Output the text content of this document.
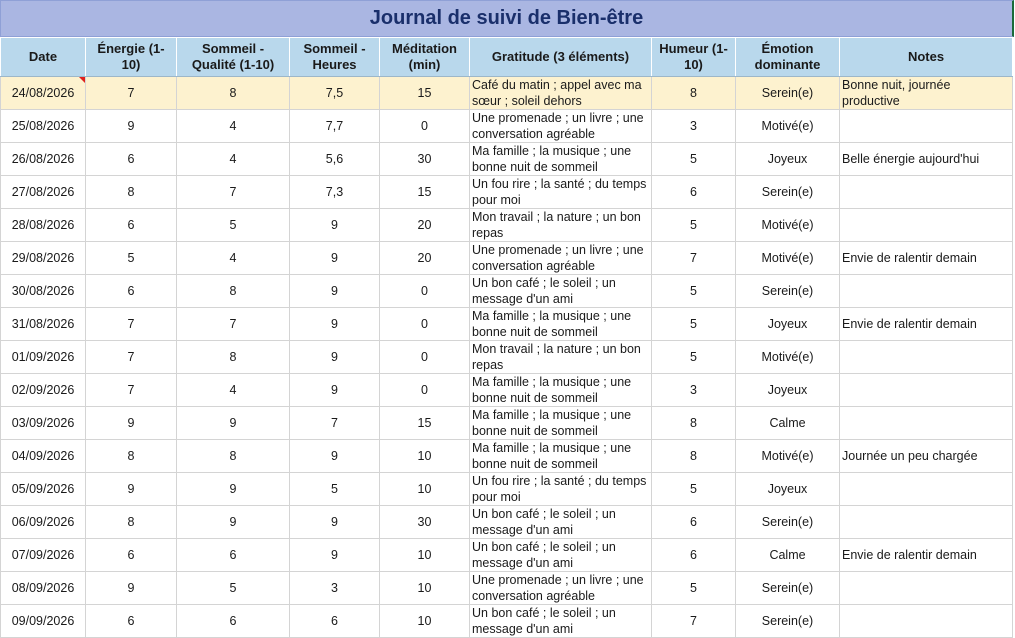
Journal de suivi de Bien-être
Date	Énergie (1-10)	Sommeil - Qualité (1-10)	Sommeil - Heures	Méditation (min)	Gratitude (3 éléments)	Humeur (1-10)	Émotion dominante	Notes
24/08/2026	7	8	7,5	15	Café du matin ; appel avec ma sœur ; soleil dehors	8	Serein(e)	Bonne nuit, journée productive
25/08/2026	9	4	7,7	0	Une promenade ; un livre ; une conversation agréable	3	Motivé(e)	
26/08/2026	6	4	5,6	30	Ma famille ; la musique ; une bonne nuit de sommeil	5	Joyeux	Belle énergie aujourd'hui
27/08/2026	8	7	7,3	15	Un fou rire ; la santé ; du temps pour moi	6	Serein(e)	
28/08/2026	6	5	9	20	Mon travail ; la nature ; un bon repas	5	Motivé(e)	
29/08/2026	5	4	9	20	Une promenade ; un livre ; une conversation agréable	7	Motivé(e)	Envie de ralentir demain
30/08/2026	6	8	9	0	Un bon café ; le soleil ; un message d'un ami	5	Serein(e)	
31/08/2026	7	7	9	0	Ma famille ; la musique ; une bonne nuit de sommeil	5	Joyeux	Envie de ralentir demain
01/09/2026	7	8	9	0	Mon travail ; la nature ; un bon repas	5	Motivé(e)	
02/09/2026	7	4	9	0	Ma famille ; la musique ; une bonne nuit de sommeil	3	Joyeux	
03/09/2026	9	9	7	15	Ma famille ; la musique ; une bonne nuit de sommeil	8	Calme	
04/09/2026	8	8	9	10	Ma famille ; la musique ; une bonne nuit de sommeil	8	Motivé(e)	Journée un peu chargée
05/09/2026	9	9	5	10	Un fou rire ; la santé ; du temps pour moi	5	Joyeux	
06/09/2026	8	9	9	30	Un bon café ; le soleil ; un message d'un ami	6	Serein(e)	
07/09/2026	6	6	9	10	Un bon café ; le soleil ; un message d'un ami	6	Calme	Envie de ralentir demain
08/09/2026	9	5	3	10	Une promenade ; un livre ; une conversation agréable	5	Serein(e)	
09/09/2026	6	6	6	10	Un bon café ; le soleil ; un message d'un ami	7	Serein(e)	
